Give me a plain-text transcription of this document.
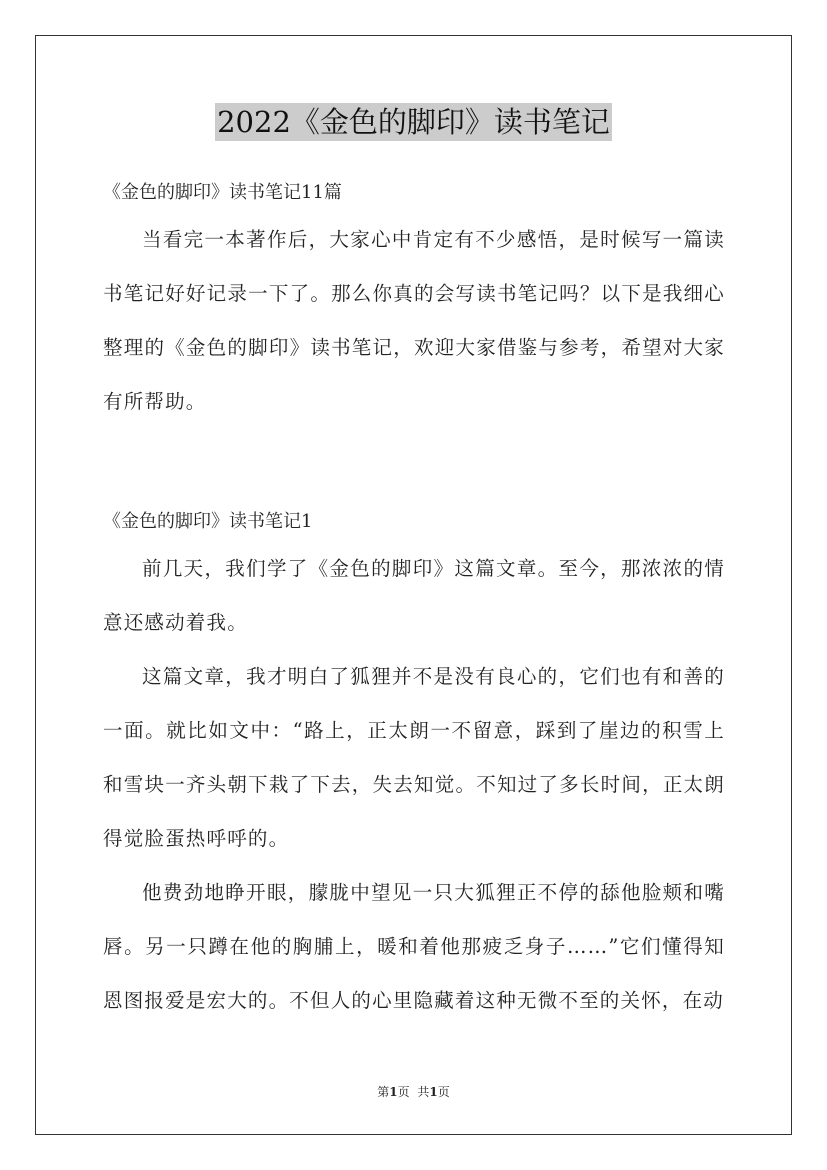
2022《金色的脚印》读书笔记

《金色的脚印》读书笔记11篇

当看完一本著作后，大家心中肯定有不少感悟，是时候写一篇读书笔记好好记录一下了。那么你真的会写读书笔记吗？以下是我细心整理的《金色的脚印》读书笔记，欢迎大家借鉴与参考，希望对大家有所帮助。

《金色的脚印》读书笔记1

前几天，我们学了《金色的脚印》这篇文章。至今，那浓浓的情意还感动着我。

这篇文章，我才明白了狐狸并不是没有良心的，它们也有和善的一面。就比如文中：“路上，正太朗一不留意，踩到了崖边的积雪上和雪块一齐头朝下栽了下去，失去知觉。不知过了多长时间，正太朗得觉脸蛋热呼呼的。

他费劲地睁开眼，朦胧中望见一只大狐狸正不停的舔他脸颊和嘴唇。另一只蹲在他的胸脯上，暖和着他那疲乏身子……”它们懂得知恩图报爱是宏大的。不但人的心里隐藏着这种无微不至的关怀，在动

第1页 共1页
